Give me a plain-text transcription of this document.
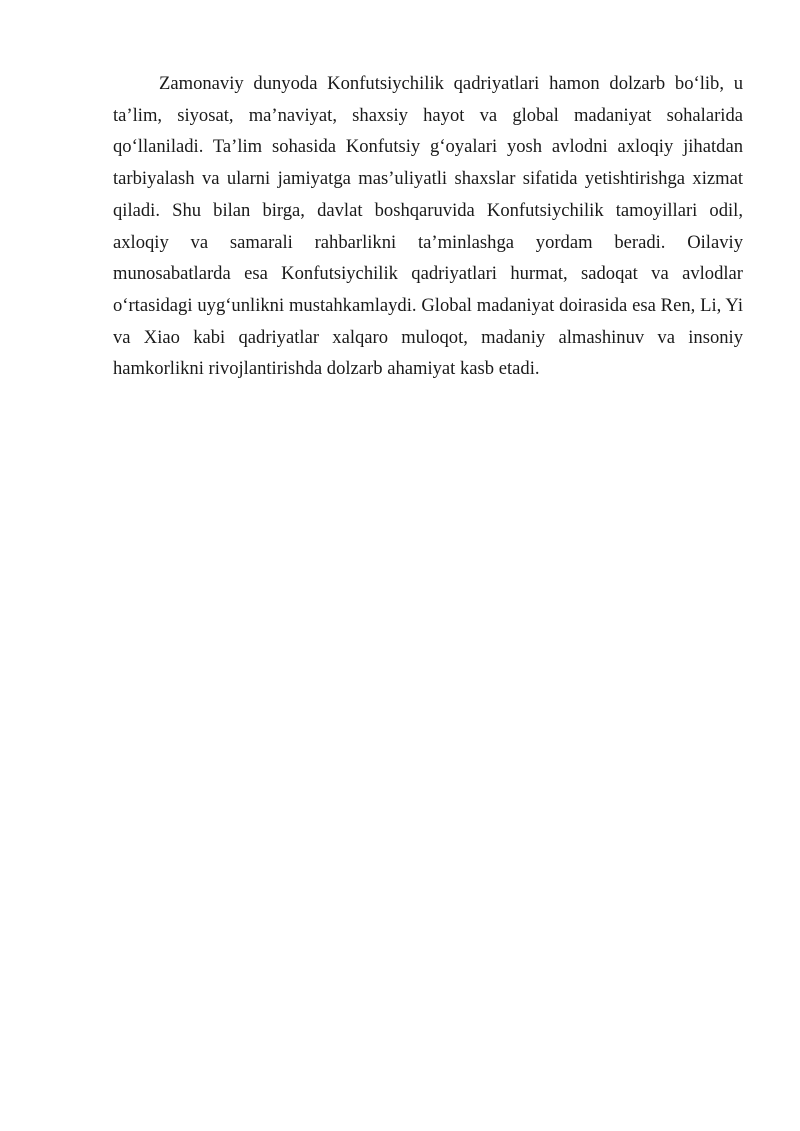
Zamonaviy dunyoda Konfutsiychilik qadriyatlari hamon dolzarb bo‘lib, u ta’lim, siyosat, ma’naviyat, shaxsiy hayot va global madaniyat sohalarida qo‘llaniladi. Ta’lim sohasida Konfutsiy g‘oyalari yosh avlodni axloqiy jihatdan tarbiyalash va ularni jamiyatga mas’uliyatli shaxslar sifatida yetishtirishga xizmat qiladi. Shu bilan birga, davlat boshqaruvida Konfutsiychilik tamoyillari odil, axloqiy va samarali rahbarlikni ta’minlashga yordam beradi. Oilaviy munosabatlarda esa Konfutsiychilik qadriyatlari hurmat, sadoqat va avlodlar o‘rtasidagi uyg‘unlikni mustahkamlaydi. Global madaniyat doirasida esa Ren, Li, Yi va Xiao kabi qadriyatlar xalqaro muloqot, madaniy almashinuv va insoniy hamkorlikni rivojlantirishda dolzarb ahamiyat kasb etadi.
